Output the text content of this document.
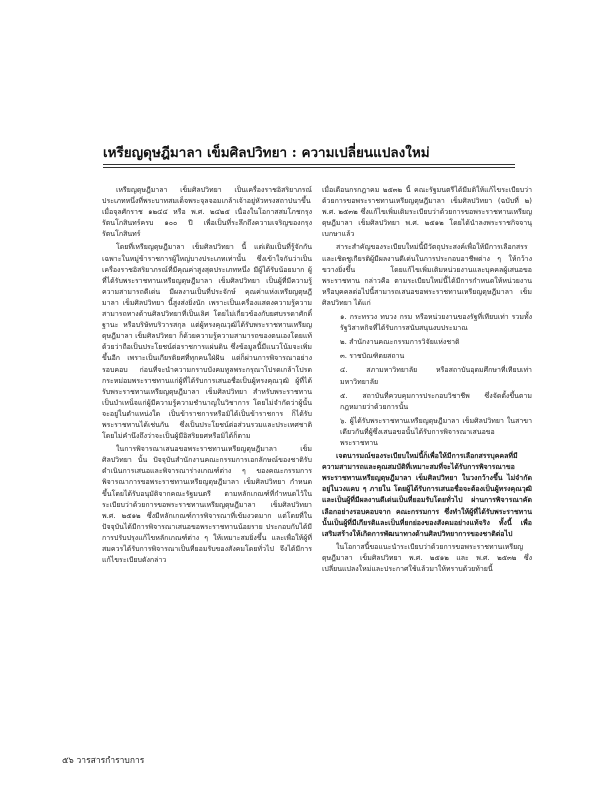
เหรียญดุษฎีมาลา เข็มศิลปวิทยา : ความเปลี่ยนแปลงใหม่

เหรียญดุษฎีมาลา เข็มศิลปวิทยา เป็นเครื่องราชอิสริยาภรณ์ประเภทหนึ่งที่พระบาทสมเด็จพระจุลจอมเกล้าเจ้าอยู่หัวทรงสถาปนาขึ้น เมื่อจุลศักราช ๑๒๔๔ หรือ พ.ศ. ๒๔๒๕ เนื่องในโอกาสสมโภชกรุงรัตนโกสินทร์ครบ ๑๐๐ ปี เพื่อเป็นที่ระลึกถึงความเจริญของกรุงรัตนโกสินทร์

โดยที่เหรียญดุษฎีมาลา เข็มศิลปวิทยา นี้ แต่เดิมเป็นที่รู้จักกันเฉพาะในหมู่ข้าราชการผู้ใหญ่บางประเภทเท่านั้น ซึ่งเข้าใจกันว่าเป็นเครื่องราชอิสริยาภรณ์ที่มีคุณค่าสูงสุดประเภทหนึ่ง มีผู้ได้รับน้อยมาก ผู้ที่ได้รับพระราชทานเหรียญดุษฎีมาลา เข็มศิลปวิทยา เป็นผู้ที่มีความรู้ความสามารถดีเด่น มีผลงานเป็นที่ประจักษ์ คุณค่าแห่งเหรียญดุษฎีมาลา เข็มศิลปวิทยา นี้สูงส่งยิ่งนัก เพราะเป็นเครื่องแสดงความรู้ความสามารถทางด้านศิลปวิทยาที่เป็นเลิศ โดยไม่เกี่ยวข้องกับยศบรรดาศักดิ์ฐานะ หรือบริษัทบริวารสกุล แต่ผู้ทรงคุณวุฒิได้รับพระราชทานเหรียญดุษฎีมาลา เข็มศิลปวิทยา ก็ด้วยความรู้ความสามารถของตนเองโดยแท้ ด้วยว่าถือเป็นประโยชน์ต่อราชการแผ่นดิน ซึ่งข้อมูลนี้มีแนวโน้มจะเพิ่มขึ้นอีก เพราะเป็นเกียรติยศที่ทุกคนใฝ่ฝัน แต่ก็ผ่านการพิจารณาอย่างรอบคอบ ก่อนที่จะนำความกราบบังคมทูลพระกรุณาโปรดเกล้าโปรดกระหม่อมพระราชทานแก่ผู้ที่ได้รับการเสนอชื่อเป็นผู้ทรงคุณวุฒิ ผู้ที่ได้รับพระราชทานเหรียญดุษฎีมาลา เข็มศิลปวิทยา สำหรับพระราชทานเป็นบำเหน็จแก่ผู้มีความรู้ความชำนาญในวิชาการ โดยไม่จำกัดว่าผู้นั้นจะอยู่ในตำแหน่งใด เป็นข้าราชการหรือมิได้เป็นข้าราชการ ก็ได้รับพระราชทานได้เช่นกัน ซึ่งเป็นประโยชน์ต่อส่วนรวมและประเทศชาติ โดยไม่คำนึงถึงว่าจะเป็นผู้มีอิสริยยศหรือมิได้ก็ตาม

ในการพิจารณาเสนอขอพระราชทานเหรียญดุษฎีมาลา เข็มศิลปวิทยา นั้น ปัจจุบันสำนักงานคณะกรรมการเอกลักษณ์ของชาติรับดำเนินการเสนอและพิจารณาร่างเกณฑ์ต่าง ๆ ของคณะกรรมการพิจารณาการขอพระราชทานเหรียญดุษฎีมาลา เข็มศิลปวิทยา กำหนดขึ้นโดยได้รับอนุมัติจากคณะรัฐมนตรี ตามหลักเกณฑ์ที่กำหนดไว้ในระเบียบว่าด้วยการขอพระราชทานเหรียญดุษฎีมาลา เข็มศิลปวิทยา พ.ศ. ๒๕๑๒ ซึ่งมีหลักเกณฑ์การพิจารณาที่เข้มงวดมาก แต่โดยที่ในปัจจุบันได้มีการพิจารณาเสนอขอพระราชทานน้อยราย ประกอบกับได้มีการปรับปรุงแก้ไขหลักเกณฑ์ต่าง ๆ ให้เหมาะสมยิ่งขึ้น และเพื่อให้ผู้ที่สมควรได้รับการพิจารณาเป็นที่ยอมรับของสังคมโดยทั่วไป จึงได้มีการแก้ไขระเบียบดังกล่าว

เมื่อเดือนกรกฎาคม ๒๕๓๒ นี้ คณะรัฐมนตรีได้มีมติให้แก้ไขระเบียบว่าด้วยการขอพระราชทานเหรียญดุษฎีมาลา เข็มศิลปวิทยา (ฉบับที่ ๒) พ.ศ. ๒๕๓๒ ซึ่งแก้ไขเพิ่มเติมระเบียบว่าด้วยการขอพระราชทานเหรียญดุษฎีมาลา เข็มศิลปวิทยา พ.ศ. ๒๕๑๒ โดยได้นำลงพระราชกิจจานุเบกษาแล้ว

สาระสำคัญของระเบียบใหม่นี้มีวัตถุประสงค์เพื่อให้มีการเลือกสรรและเชิดชูเกียรติผู้มีผลงานดีเด่นในการประกอบอาชีพต่าง ๆ ให้กว้างขวางยิ่งขึ้น โดยแก้ไขเพิ่มเติมหน่วยงานและบุคคลผู้เสนอขอพระราชทาน กล่าวคือ ตามระเบียบใหม่นี้ได้มีการกำหนดให้หน่วยงานหรือบุคคลต่อไปนี้สามารถเสนอขอพระราชทานเหรียญดุษฎีมาลา เข็มศิลปวิทยา ได้แก่

๑. กระทรวง ทบวง กรม หรือหน่วยงานของรัฐที่เทียบเท่า รวมทั้งรัฐวิสาหกิจที่ได้รับการสนับสนุนงบประมาณ

๒. สำนักงานคณะกรรมการวิจัยแห่งชาติ

๓. ราชบัณฑิตยสถาน

๔. สภามหาวิทยาลัย หรือสถาบันอุดมศึกษาที่เทียบเท่ามหาวิทยาลัย

๕. สถาบันที่ควบคุมการประกอบวิชาชีพ ซึ่งจัดตั้งขึ้นตามกฎหมายว่าด้วยการนั้น

๖. ผู้ได้รับพระราชทานเหรียญดุษฎีมาลา เข็มศิลปวิทยา ในสาขาเดียวกันที่ผู้ซึ่งเสนอขอนั้นได้รับการพิจารณาเสนอขอพระราชทาน

เจตนารมณ์ของระเบียบใหม่นี้ก็เพื่อให้มีการเลือกสรรบุคคลที่มีความสามารถและคุณสมบัติที่เหมาะสมที่จะได้รับการพิจารณาขอพระราชทานเหรียญดุษฎีมาลา เข็มศิลปวิทยา ในวงกว้างขึ้น ไม่จำกัดอยู่ในวงแคบ ๆ ภายใน โดยผู้ได้รับการเสนอชื่อจะต้องเป็นผู้ทรงคุณวุฒิ และเป็นผู้ที่มีผลงานดีเด่นเป็นที่ยอมรับโดยทั่วไป ผ่านการพิจารณาคัดเลือกอย่างรอบคอบจาก คณะกรรมการ ซึ่งทำให้ผู้ที่ได้รับพระราชทานนั้นเป็นผู้ที่มีเกียรติและเป็นที่ยกย่องของสังคมอย่างแท้จริง ทั้งนี้ เพื่อเสริมสร้างให้เกิดการพัฒนาทางด้านศิลปวิทยาการของชาติต่อไป

ในโอกาสนี้ขอแนะนำระเบียบว่าด้วยการขอพระราชทานเหรียญดุษฎีมาลา เข็มศิลปวิทยา พ.ศ. ๒๕๑๒ และ พ.ศ. ๒๕๓๒ ซึ่งเปลี่ยนแปลงใหม่และประกาศใช้แล้วมาให้ทราบด้วยท้ายนี้

๕๖ วารสารกำราบการ
